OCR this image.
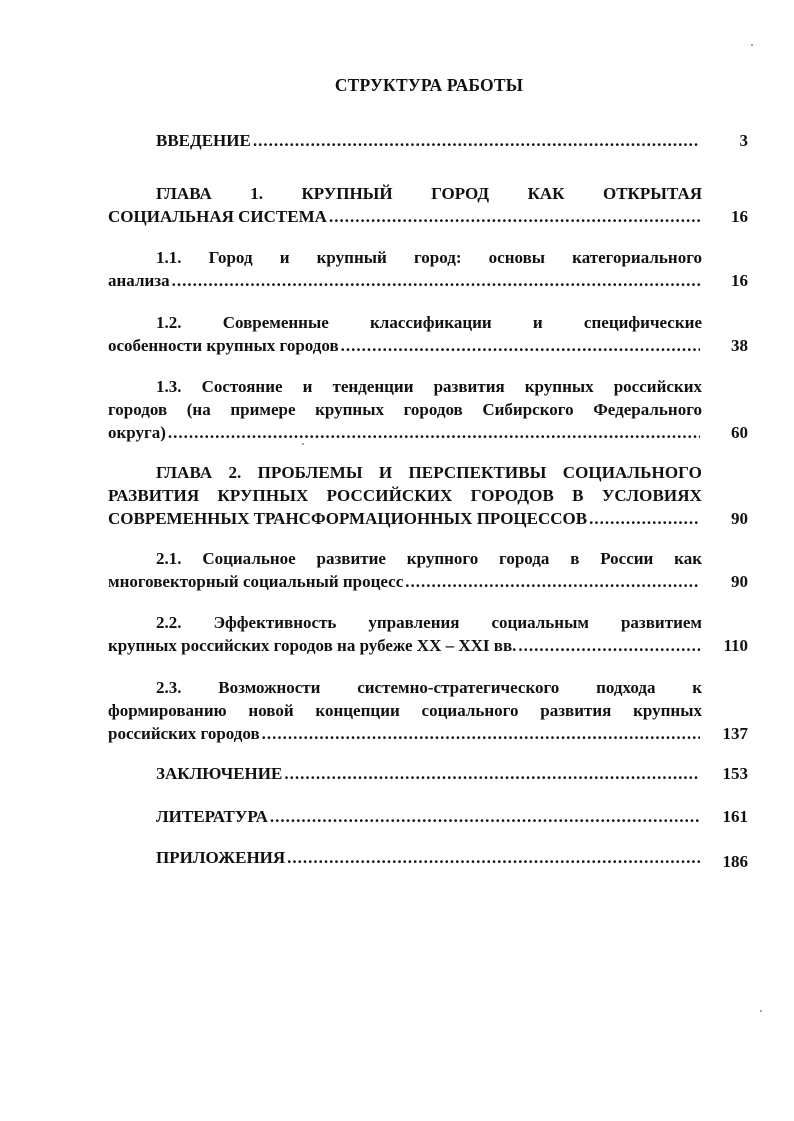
СТРУКТУРА РАБОТЫ
ВВЕДЕНИЕ .....	3
ГЛАВА 1. КРУПНЫЙ ГОРОД КАК ОТКРЫТАЯ
СОЦИАЛЬНАЯ СИСТЕМА .....	16
1.1. Город и крупный город: основы категориального
анализа .....	16
1.2. Современные классификации и специфические
особенности крупных городов .....	38
1.3. Состояние и тенденции развития крупных российских
городов (на примере крупных городов Сибирского Федерального
округа) .....	60
ГЛАВА 2. ПРОБЛЕМЫ И ПЕРСПЕКТИВЫ СОЦИАЛЬНОГО
РАЗВИТИЯ КРУПНЫХ РОССИЙСКИХ ГОРОДОВ В УСЛОВИЯХ
СОВРЕМЕННЫХ ТРАНСФОРМАЦИОННЫХ ПРОЦЕССОВ .....	90
2.1. Социальное развитие крупного города в России как
многовекторный социальный процесс .....	90
2.2. Эффективность управления социальным развитием
крупных российских городов на рубеже XX – XXI вв. .....	110
2.3. Возможности системно-стратегического подхода к
формированию новой концепции социального развития крупных
российских городов .....	137
ЗАКЛЮЧЕНИЕ .....	153
ЛИТЕРАТУРА .....	161
ПРИЛОЖЕНИЯ .....	186
